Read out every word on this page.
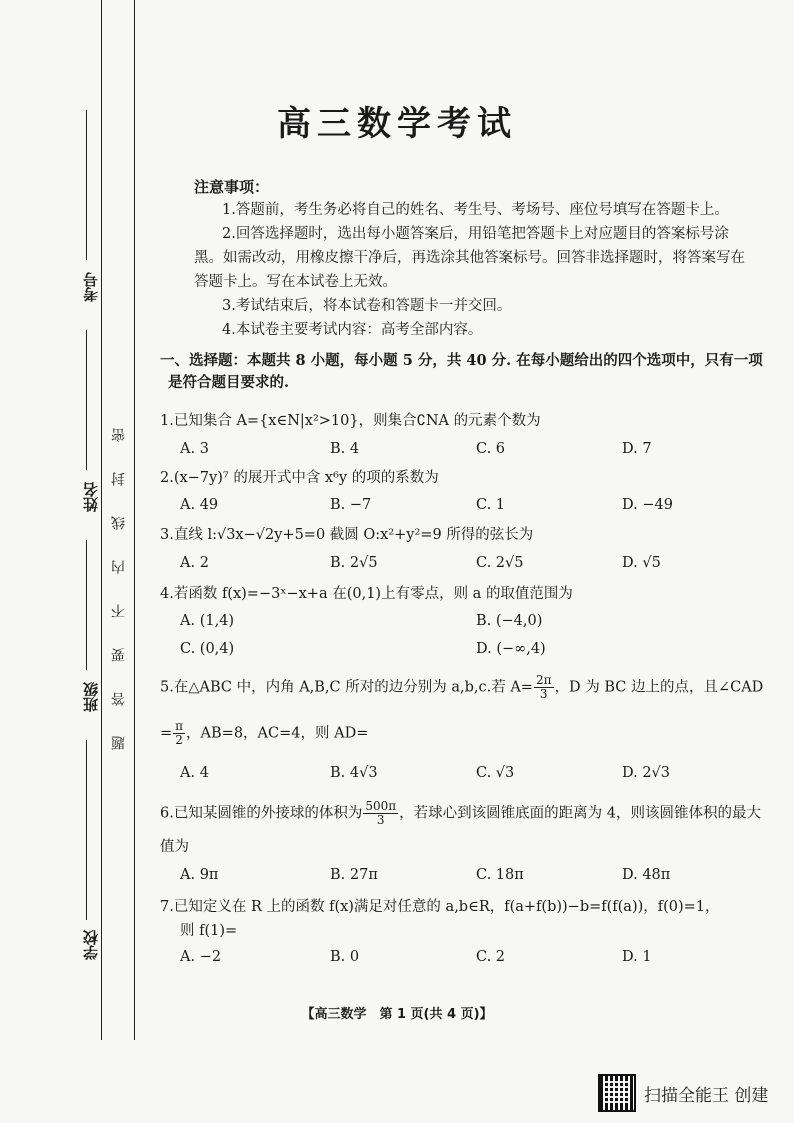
考号
姓名
班级
学校
题答要不内线封密
高三数学考试
注意事项：

1.答题前，考生务必将自己的姓名、考生号、考场号、座位号填写在答题卡上。

2.回答选择题时，选出每小题答案后，用铅笔把答题卡上对应题目的答案标号涂黑。如需改动，用橡皮擦干净后，再选涂其他答案标号。回答非选择题时，将答案写在答题卡上。写在本试卷上无效。

3.考试结束后，将本试卷和答题卡一并交回。

4.本试卷主要考试内容：高考全部内容。

一、选择题：本题共 8 小题，每小题 5 分，共 40 分. 在每小题给出的四个选项中，只有一项是符合题目要求的.
1.已知集合 A={x∈N|x²>10}，则集合∁NA 的元素个数为
A. 3	B. 4	C. 6	D. 7
2.(x−7y)⁷ 的展开式中含 x⁶y 的项的系数为
A. 49	B. −7	C. 1	D. −49
3.直线 l:√3x−√2y+5=0 截圆 O:x²+y²=9 所得的弦长为
A. 2	B. 2√5	C. 2√5	D. √5
4.若函数 f(x)=−3ˣ−x+a 在(0,1)上有零点，则 a 的取值范围为
A. (1,4)	B. (−4,0)
C. (0,4)	D. (−∞,4)
5.在△ABC 中，内角 A,B,C 所对的边分别为 a,b,c.若 $A= \frac{2\pi}{3}$ ，D 为 BC 边上的点，且∠CAD
= $\frac{\pi}{2}$ ，AB=8，AC=4，则 AD=
A. 4	B. 4√3	C. √3	D. 2√3
6.已知某圆锥的外接球的体积为 $\frac{500\pi}{3}$ ，若球心到该圆锥底面的距离为 4，则该圆锥体积的最大
值为
A. 9π	B. 27π	C. 18π	D. 48π
7.已知定义在 R 上的函数 f(x)满足对任意的 a,b∈R，f(a+f(b))−b=f(f(a))，f(0)=1，
则 f(1)=
A. −2	B. 0	C. 2	D. 1
【高三数学　第 1 页(共 4 页)】
扫描全能王 创建
